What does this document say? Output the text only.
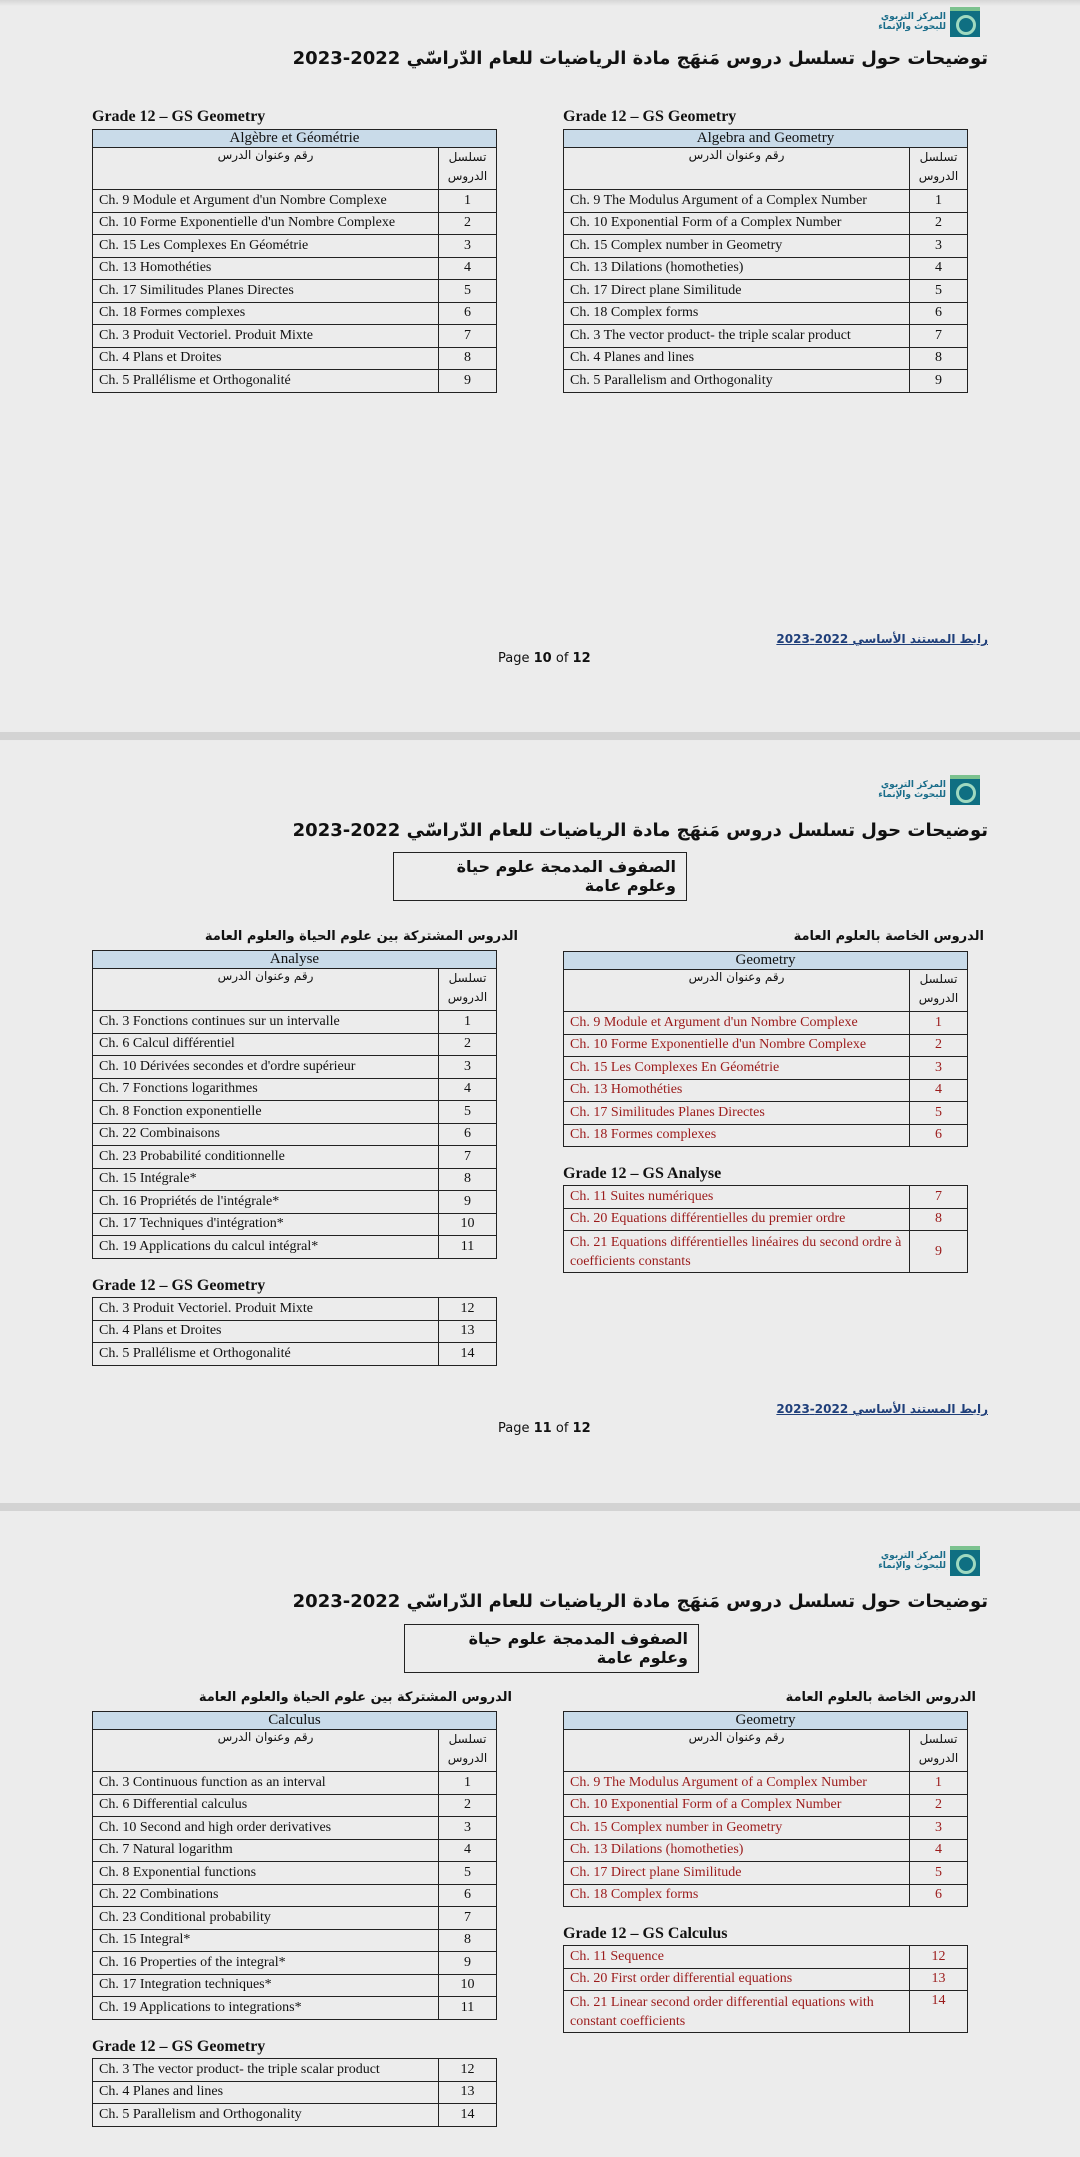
المركز التربوي
للبحوث والإنماء
توضيحات حول تسلسل دروس مَنهَج مادة الرياضيات للعام الدّراسّي 2022-2023
Grade 12 – GS Geometry
Algèbre et Géométrie	
رقم وعنوان الدرس	تسلسل الدروس
Ch. 9 Module et Argument d'un Nombre Complexe	1
Ch. 10 Forme Exponentielle d'un Nombre Complexe	2
Ch. 15 Les Complexes En Géométrie	3
Ch. 13 Homothéties	4
Ch. 17 Similitudes Planes Directes	5
Ch. 18 Formes complexes	6
Ch. 3 Produit Vectoriel. Produit Mixte	7
Ch. 4 Plans et Droites	8
Ch. 5 Prallélisme et Orthogonalité	9
Grade 12 – GS Geometry
Algebra and Geometry	
رقم وعنوان الدرس	تسلسل الدروس
Ch. 9 The Modulus Argument of a Complex Number	1
Ch. 10 Exponential Form of a Complex Number	2
Ch. 15 Complex number in Geometry	3
Ch. 13 Dilations (homotheties)	4
Ch. 17 Direct plane Similitude	5
Ch. 18 Complex forms	6
Ch. 3 The vector product- the triple scalar product	7
Ch. 4 Planes and lines	8
Ch. 5 Parallelism and Orthogonality	9
رابط المستند الأساسي 2022-2023
Page 10 of 12
المركز التربوي
للبحوث والإنماء
توضيحات حول تسلسل دروس مَنهَج مادة الرياضيات للعام الدّراسّي 2022-2023
الصفوف المدمجة علوم حياة وعلوم عامة
الدروس المشتركة بين علوم الحياة والعلوم العامة
Analyse	
رقم وعنوان الدرس	تسلسل الدروس
Ch. 3 Fonctions continues sur un intervalle	1
Ch. 6 Calcul différentiel	2
Ch. 10 Dérivées secondes et d'ordre supérieur	3
Ch. 7 Fonctions logarithmes	4
Ch. 8 Fonction exponentielle	5
Ch. 22 Combinaisons	6
Ch. 23 Probabilité conditionnelle	7
Ch. 15 Intégrale*	8
Ch. 16 Propriétés de l'intégrale*	9
Ch. 17 Techniques d'intégration*	10
Ch. 19 Applications du calcul intégral*	11
Grade 12 – GS Geometry
Ch. 3 Produit Vectoriel. Produit Mixte	12
Ch. 4 Plans et Droites	13
Ch. 5 Prallélisme et Orthogonalité	14
الدروس الخاصة بالعلوم العامة
Geometry	
رقم وعنوان الدرس	تسلسل الدروس
Ch. 9 Module et Argument d'un Nombre Complexe	1
Ch. 10 Forme Exponentielle d'un Nombre Complexe	2
Ch. 15 Les Complexes En Géométrie	3
Ch. 13 Homothéties	4
Ch. 17 Similitudes Planes Directes	5
Ch. 18 Formes complexes	6
Grade 12 – GS Analyse
Ch. 11 Suites numériques	7
Ch. 20 Equations différentielles du premier ordre	8
Ch. 21 Equations différentielles linéaires du second ordre à coefficients constants	9
رابط المستند الأساسي 2022-2023
Page 11 of 12
المركز التربوي
للبحوث والإنماء
توضيحات حول تسلسل دروس مَنهَج مادة الرياضيات للعام الدّراسّي 2022-2023
الصفوف المدمجة علوم حياة وعلوم عامة
الدروس المشتركة بين علوم الحياة والعلوم العامة
Calculus	
رقم وعنوان الدرس	تسلسل الدروس
Ch. 3 Continuous function as an interval	1
Ch. 6 Differential calculus	2
Ch. 10 Second and high order derivatives	3
Ch. 7 Natural logarithm	4
Ch. 8 Exponential functions	5
Ch. 22 Combinations	6
Ch. 23 Conditional probability	7
Ch. 15 Integral*	8
Ch. 16 Properties of the integral*	9
Ch. 17 Integration techniques*	10
Ch. 19 Applications to integrations*	11
Grade 12 – GS Geometry
Ch. 3 The vector product- the triple scalar product	12
Ch. 4 Planes and lines	13
Ch. 5 Parallelism and Orthogonality	14
الدروس الخاصة بالعلوم العامة
Geometry	
رقم وعنوان الدرس	تسلسل الدروس
Ch. 9 The Modulus Argument of a Complex Number	1
Ch. 10 Exponential Form of a Complex Number	2
Ch. 15 Complex number in Geometry	3
Ch. 13 Dilations (homotheties)	4
Ch. 17 Direct plane Similitude	5
Ch. 18 Complex forms	6
Grade 12 – GS Calculus
Ch. 11 Sequence	12
Ch. 20 First order differential equations	13
Ch. 21 Linear second order differential equations with constant coefficients	14
